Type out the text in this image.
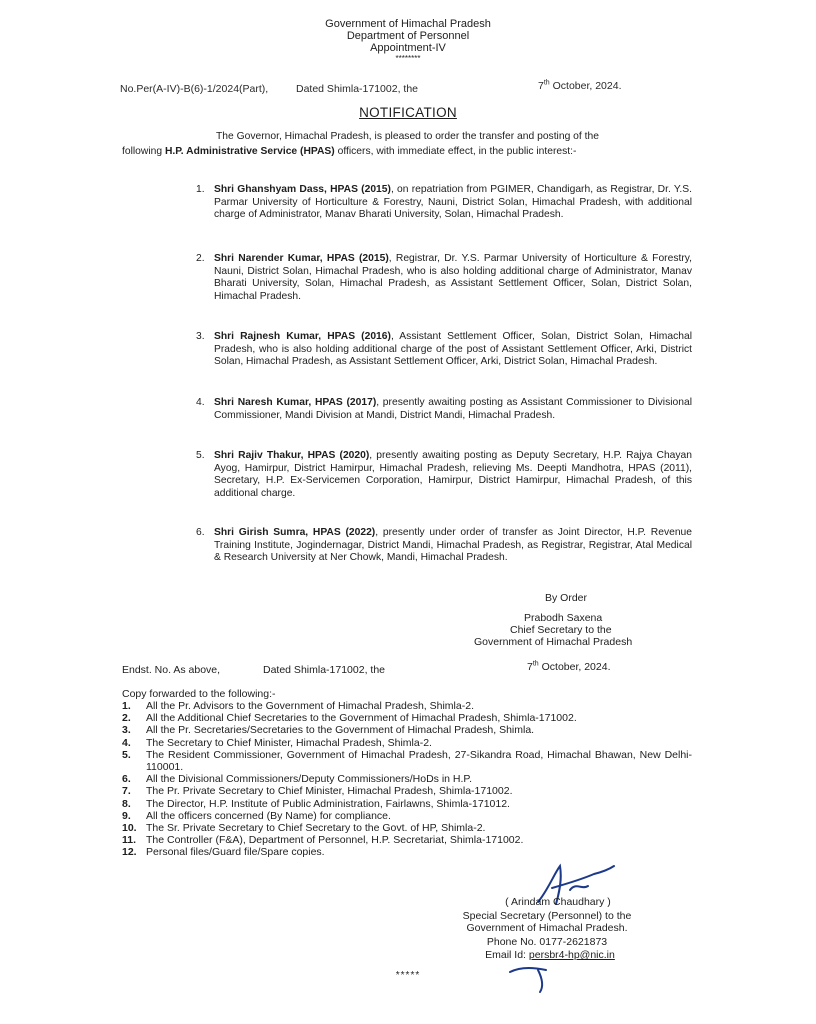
Government of Himachal Pradesh
Department of Personnel
Appointment-IV
********
No.Per(A-IV)-B(6)-1/2024(Part),	Dated Shimla-171002, the	7th October, 2024.
NOTIFICATION
The Governor, Himachal Pradesh, is pleased to order the transfer and posting of the
following H.P. Administrative Service (HPAS) officers, with immediate effect, in the public interest:-
1. Shri Ghanshyam Dass, HPAS (2015), on repatriation from PGIMER, Chandigarh, as Registrar, Dr. Y.S. Parmar University of Horticulture & Forestry, Nauni, District Solan, Himachal Pradesh, with additional charge of Administrator, Manav Bharati University, Solan, Himachal Pradesh.
2. Shri Narender Kumar, HPAS (2015), Registrar, Dr. Y.S. Parmar University of Horticulture & Forestry, Nauni, District Solan, Himachal Pradesh, who is also holding additional charge of Administrator, Manav Bharati University, Solan, Himachal Pradesh, as Assistant Settlement Officer, Solan, District Solan, Himachal Pradesh.
3. Shri Rajnesh Kumar, HPAS (2016), Assistant Settlement Officer, Solan, District Solan, Himachal Pradesh, who is also holding additional charge of the post of Assistant Settlement Officer, Arki, District Solan, Himachal Pradesh, as Assistant Settlement Officer, Arki, District Solan, Himachal Pradesh.
4. Shri Naresh Kumar, HPAS (2017), presently awaiting posting as Assistant Commissioner to Divisional Commissioner, Mandi Division at Mandi, District Mandi, Himachal Pradesh.
5. Shri Rajiv Thakur, HPAS (2020), presently awaiting posting as Deputy Secretary, H.P. Rajya Chayan Ayog, Hamirpur, District Hamirpur, Himachal Pradesh, relieving Ms. Deepti Mandhotra, HPAS (2011), Secretary, H.P. Ex-Servicemen Corporation, Hamirpur, District Hamirpur, Himachal Pradesh, of this additional charge.
6. Shri Girish Sumra, HPAS (2022), presently under order of transfer as Joint Director, H.P. Revenue Training Institute, Jogindernagar, District Mandi, Himachal Pradesh, as Registrar, Registrar, Atal Medical & Research University at Ner Chowk, Mandi, Himachal Pradesh.
By Order
Prabodh Saxena
Chief Secretary to the
Government of Himachal Pradesh
Endst. No. As above,	Dated Shimla-171002, the	7th October, 2024.
Copy forwarded to the following:-
1. All the Pr. Advisors to the Government of Himachal Pradesh, Shimla-2.
2. All the Additional Chief Secretaries to the Government of Himachal Pradesh, Shimla-171002.
3. All the Pr. Secretaries/Secretaries to the Government of Himachal Pradesh, Shimla.
4. The Secretary to Chief Minister, Himachal Pradesh, Shimla-2.
5. The Resident Commissioner, Government of Himachal Pradesh, 27-Sikandra Road, Himachal Bhawan, New Delhi-110001.
6. All the Divisional Commissioners/Deputy Commissioners/HoDs in H.P.
7. The Pr. Private Secretary to Chief Minister, Himachal Pradesh, Shimla-171002.
8. The Director, H.P. Institute of Public Administration, Fairlawns, Shimla-171012.
9. All the officers concerned (By Name) for compliance.
10. The Sr. Private Secretary to Chief Secretary to the Govt. of HP, Shimla-2.
11. The Controller (F&A), Department of Personnel, H.P. Secretariat, Shimla-171002.
12. Personal files/Guard file/Spare copies.
( Arindam Chaudhary )
Special Secretary (Personnel) to the
Government of Himachal Pradesh.
Phone No. 0177-2621873
Email Id: persbr4-hp@nic.in
*****
